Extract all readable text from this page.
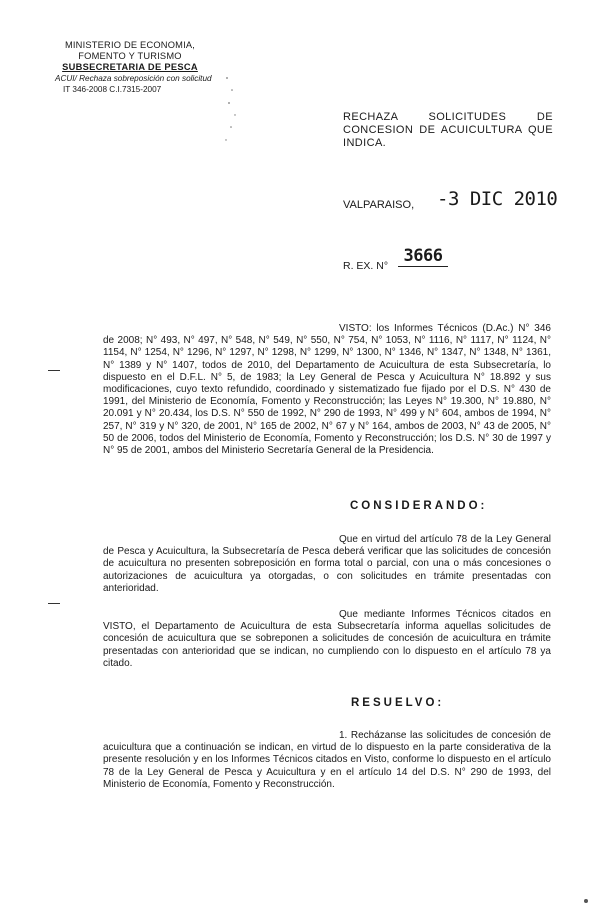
MINISTERIO DE ECONOMIA,
FOMENTO Y TURISMO
SUBSECRETARIA DE PESCA
ACUI/ Rechaza sobreposición con solicitud
IT 346-2008 C.I.7315-2007
RECHAZA SOLICITUDES DE CONCESION DE ACUICULTURA QUE INDICA.
VALPARAISO, -3 DIC 2010
R. EX. N° 3666
VISTO: los Informes Técnicos (D.Ac.) N° 346 de 2008; N° 493, N° 497, N° 548, N° 549, N° 550, N° 754, N° 1053, N° 1116, N° 1117, N° 1124, N° 1154, N° 1254, N° 1296, N° 1297, N° 1298, N° 1299, N° 1300, N° 1346, N° 1347, N° 1348, N° 1361, N° 1389 y N° 1407, todos de 2010, del Departamento de Acuicultura de esta Subsecretaría, lo dispuesto en el D.F.L. N° 5, de 1983; la Ley General de Pesca y Acuicultura N° 18.892 y sus modificaciones, cuyo texto refundido, coordinado y sistematizado fue fijado por el D.S. N° 430 de 1991, del Ministerio de Economía, Fomento y Reconstrucción; las Leyes N° 19.300, N° 19.880, N° 20.091 y N° 20.434, los D.S. N° 550 de 1992, N° 290 de 1993, N° 499 y N° 604, ambos de 1994, N° 257, N° 319 y N° 320, de 2001, N° 165 de 2002, N° 67 y N° 164, ambos de 2003, N° 43 de 2005, N° 50 de 2006, todos del Ministerio de Economía, Fomento y Reconstrucción; los D.S. N° 30 de 1997 y N° 95 de 2001, ambos del Ministerio Secretaría General de la Presidencia.
CONSIDERANDO:
Que en virtud del artículo 78 de la Ley General de Pesca y Acuicultura, la Subsecretaría de Pesca deberá verificar que las solicitudes de concesión de acuicultura no presenten sobreposición en forma total o parcial, con una o más concesiones o autorizaciones de acuicultura ya otorgadas, o con solicitudes en trámite presentadas con anterioridad.
Que mediante Informes Técnicos citados en VISTO, el Departamento de Acuicultura de esta Subsecretaría informa aquellas solicitudes de concesión de acuicultura que se sobreponen a solicitudes de concesión de acuicultura en trámite presentadas con anterioridad que se indican, no cumpliendo con lo dispuesto en el artículo 78 ya citado.
RESUELVO:
1. Recházanse las solicitudes de concesión de acuicultura que a continuación se indican, en virtud de lo dispuesto en la parte considerativa de la presente resolución y en los Informes Técnicos citados en Visto, conforme lo dispuesto en el artículo 78 de la Ley General de Pesca y Acuicultura y en el artículo 14 del D.S. N° 290 de 1993, del Ministerio de Economía, Fomento y Reconstrucción.
